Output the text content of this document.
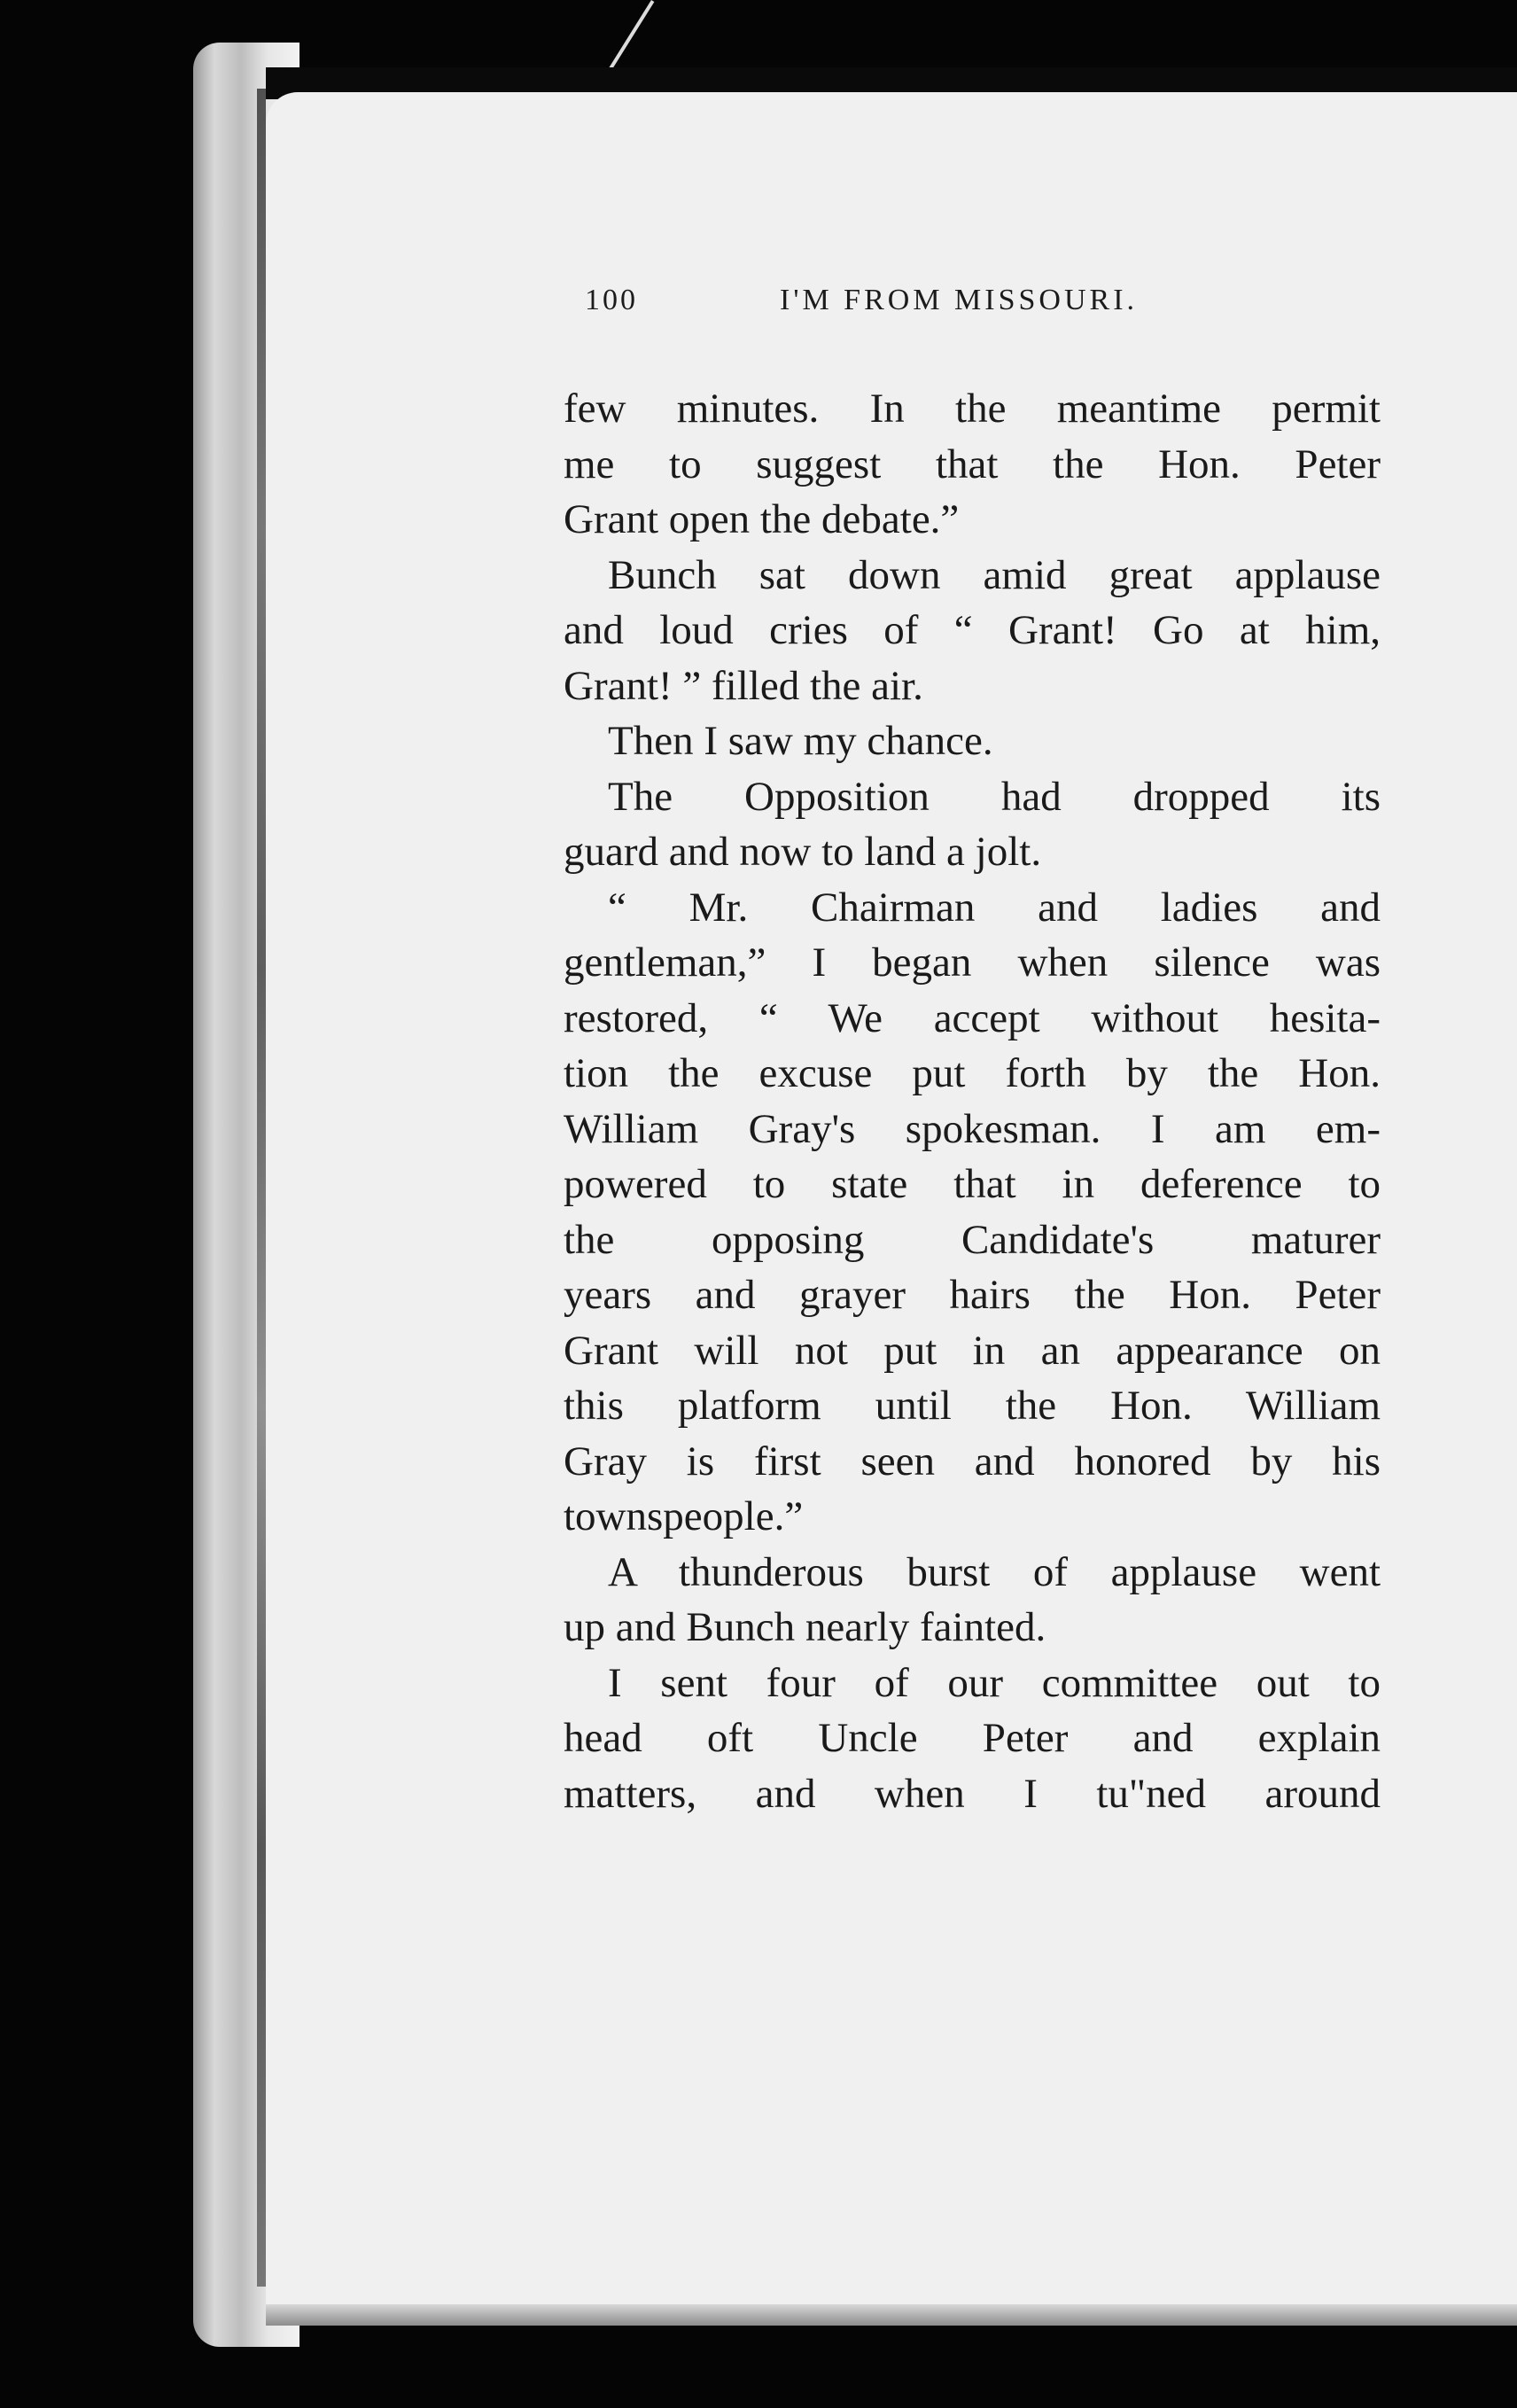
100	I'M FROM MISSOURI.
few minutes. In the meantime permit
me to suggest that the Hon. Peter
Grant open the debate.”
Bunch sat down amid great applause
and loud cries of “ Grant! Go at him,
Grant! ” filled the air.
Then I saw my chance.
The Opposition had dropped its
guard and now to land a jolt.
“ Mr. Chairman and ladies and
gentleman,” I began when silence was
restored, “ We accept without hesita-
tion the excuse put forth by the Hon.
William Gray's spokesman. I am em-
powered to state that in deference to
the opposing Candidate's maturer
years and grayer hairs the Hon. Peter
Grant will not put in an appearance on
this platform until the Hon. William
Gray is first seen and honored by his
townspeople.”
A thunderous burst of applause went
up and Bunch nearly fainted.
I sent four of our committee out to
head oft Uncle Peter and explain
matters, and when I tu"ned around
